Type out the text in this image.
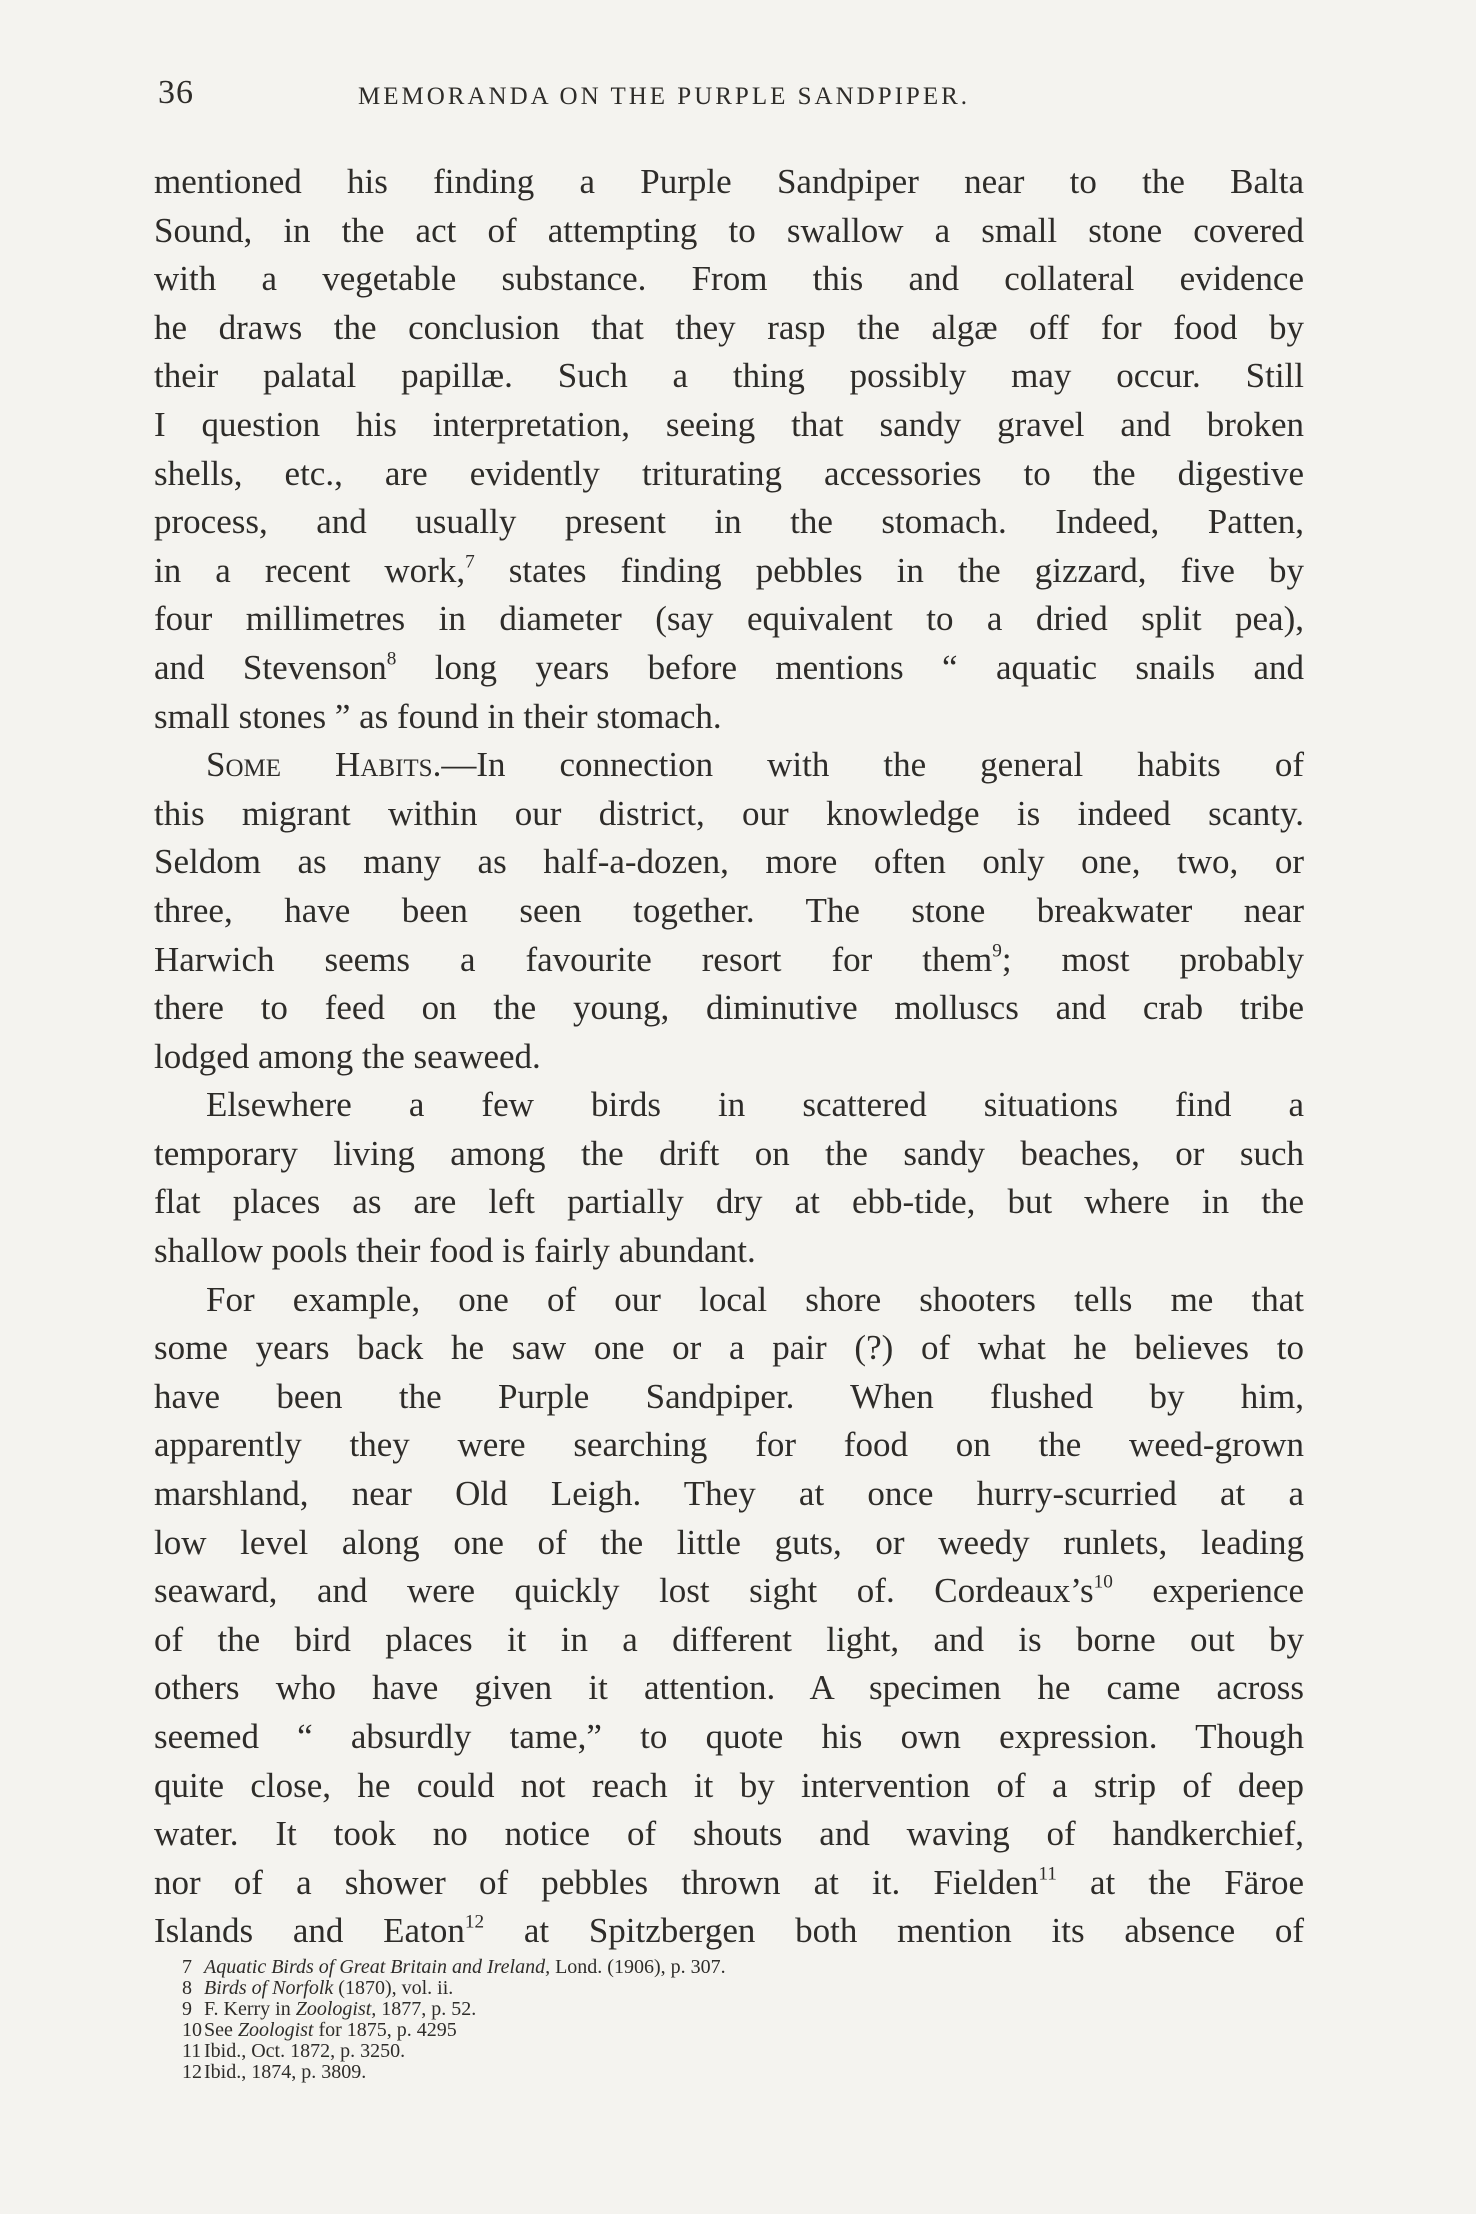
36	MEMORANDA ON THE PURPLE SANDPIPER.
mentioned his finding a Purple Sandpiper near to the Balta
Sound, in the act of attempting to swallow a small stone covered
with a vegetable substance. From this and collateral evidence
he draws the conclusion that they rasp the algæ off for food by
their palatal papillæ. Such a thing possibly may occur. Still
I question his interpretation, seeing that sandy gravel and broken
shells, etc., are evidently triturating accessories to the digestive
process, and usually present in the stomach. Indeed, Patten,
in a recent work,$^7$ states finding pebbles in the gizzard, five by
four millimetres in diameter (say equivalent to a dried split pea),
and Stevenson$^8$ long years before mentions “ aquatic snails and
small stones ” as found in their stomach.
Some Habits.—In connection with the general habits of
this migrant within our district, our knowledge is indeed scanty.
Seldom as many as half-a-dozen, more often only one, two, or
three, have been seen together. The stone breakwater near
Harwich seems a favourite resort for them$^9$; most probably
there to feed on the young, diminutive molluscs and crab tribe
lodged among the seaweed.
Elsewhere a few birds in scattered situations find a
temporary living among the drift on the sandy beaches, or such
flat places as are left partially dry at ebb-tide, but where in the
shallow pools their food is fairly abundant.
For example, one of our local shore shooters tells me that
some years back he saw one or a pair (?) of what he believes to
have been the Purple Sandpiper. When flushed by him,
apparently they were searching for food on the weed-grown
marshland, near Old Leigh. They at once hurry-scurried at a
low level along one of the little guts, or weedy runlets, leading
seaward, and were quickly lost sight of. $Cordeaux’s^{10}$ experience
of the bird places it in a different light, and is borne out by
others who have given it attention. A specimen he came across
seemed “ absurdly tame,” to quote his own expression. Though
quite close, he could not reach it by intervention of a strip of deep
water. It took no notice of shouts and waving of handkerchief,
nor of a shower of pebbles thrown at it. Fielden$^{11}$ at the Färoe
Islands and Eaton$^{12}$ at Spitzbergen both mention its absence of
7 Aquatic Birds of Great Britain and Ireland, Lond. (1906), p. 307.
8 Birds of Norfolk (1870), vol. ii.
9 F. Kerry in Zoologist, 1877, p. 52.
10 See Zoologist for 1875, p. 4295
11 Ibid., Oct. 1872, p. 3250.
12 Ibid., 1874, p. 3809.
